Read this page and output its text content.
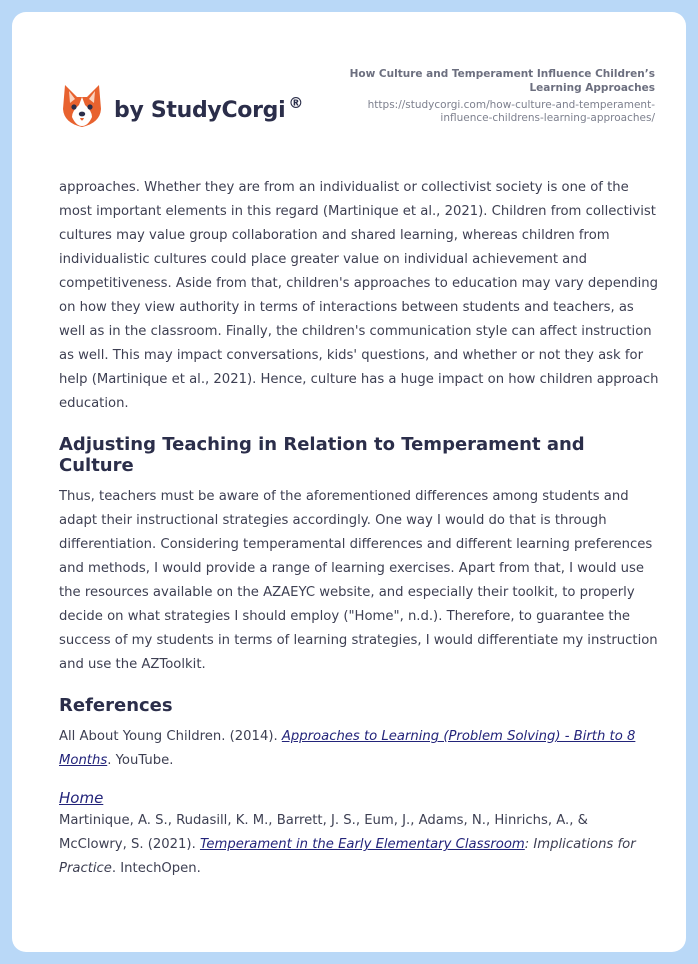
by StudyCorgi ®
How Culture and Temperament Influence Children’s Learning Approaches
https://studycorgi.com/how-culture-and-temperament-influence-childrens-learning-approaches/

approaches. Whether they are from an individualist or collectivist society is one of the most important elements in this regard (Martinique et al., 2021). Children from collectivist cultures may value group collaboration and shared learning, whereas children from individualistic cultures could place greater value on individual achievement and competitiveness. Aside from that, children's approaches to education may vary depending on how they view authority in terms of interactions between students and teachers, as well as in the classroom. Finally, the children's communication style can affect instruction as well. This may impact conversations, kids' questions, and whether or not they ask for help (Martinique et al., 2021). Hence, culture has a huge impact on how children approach education.

Adjusting Teaching in Relation to Temperament and Culture

Thus, teachers must be aware of the aforementioned differences among students and adapt their instructional strategies accordingly. One way I would do that is through differentiation. Considering temperamental differences and different learning preferences and methods, I would provide a range of learning exercises. Apart from that, I would use the resources available on the AZAEYC website, and especially their toolkit, to properly decide on what strategies I should employ ("Home", n.d.). Therefore, to guarantee the success of my students in terms of learning strategies, I would differentiate my instruction and use the AZToolkit.

References

All About Young Children. (2014). Approaches to Learning (Problem Solving) - Birth to 8 Months. YouTube.

Home

Martinique, A. S., Rudasill, K. M., Barrett, J. S., Eum, J., Adams, N., Hinrichs, A., & McClowry, S. (2021). Temperament in the Early Elementary Classroom: Implications for Practice. IntechOpen.
